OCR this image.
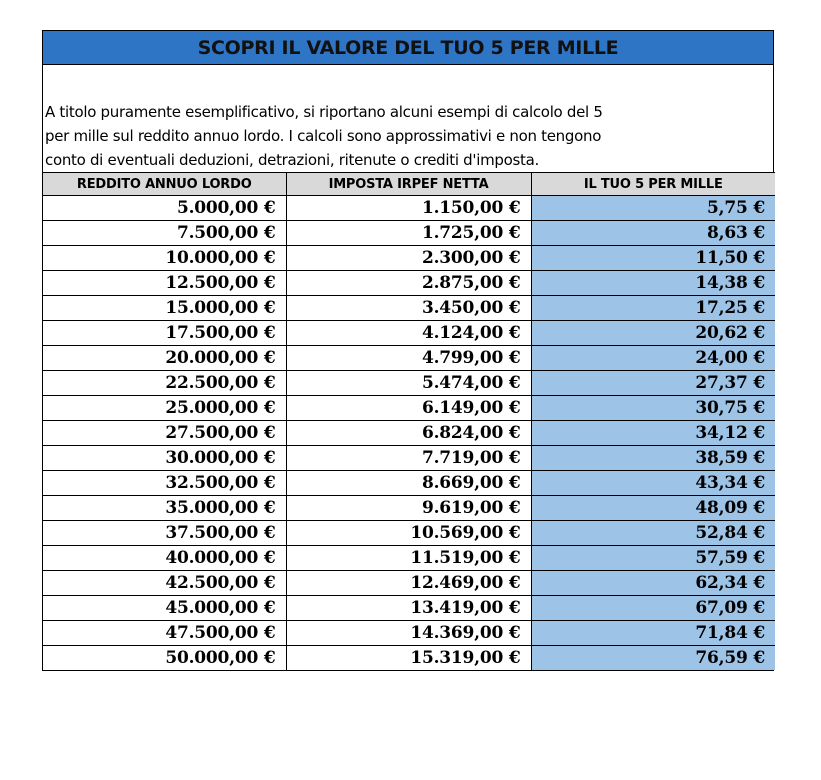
SCOPRI IL VALORE DEL TUO 5 PER MILLE
A titolo puramente esemplificativo, si riportano alcuni esempi di calcolo del 5
per mille sul reddito annuo lordo. I calcoli sono approssimativi e non tengono
conto di eventuali deduzioni, detrazioni, ritenute o crediti d'imposta.
REDDITO ANNUO LORDO	IMPOSTA IRPEF NETTA	IL TUO 5 PER MILLE
5.000,00 €	1.150,00 €	5,75 €
7.500,00 €	1.725,00 €	8,63 €
10.000,00 €	2.300,00 €	11,50 €
12.500,00 €	2.875,00 €	14,38 €
15.000,00 €	3.450,00 €	17,25 €
17.500,00 €	4.124,00 €	20,62 €
20.000,00 €	4.799,00 €	24,00 €
22.500,00 €	5.474,00 €	27,37 €
25.000,00 €	6.149,00 €	30,75 €
27.500,00 €	6.824,00 €	34,12 €
30.000,00 €	7.719,00 €	38,59 €
32.500,00 €	8.669,00 €	43,34 €
35.000,00 €	9.619,00 €	48,09 €
37.500,00 €	10.569,00 €	52,84 €
40.000,00 €	11.519,00 €	57,59 €
42.500,00 €	12.469,00 €	62,34 €
45.000,00 €	13.419,00 €	67,09 €
47.500,00 €	14.369,00 €	71,84 €
50.000,00 €	15.319,00 €	76,59 €
